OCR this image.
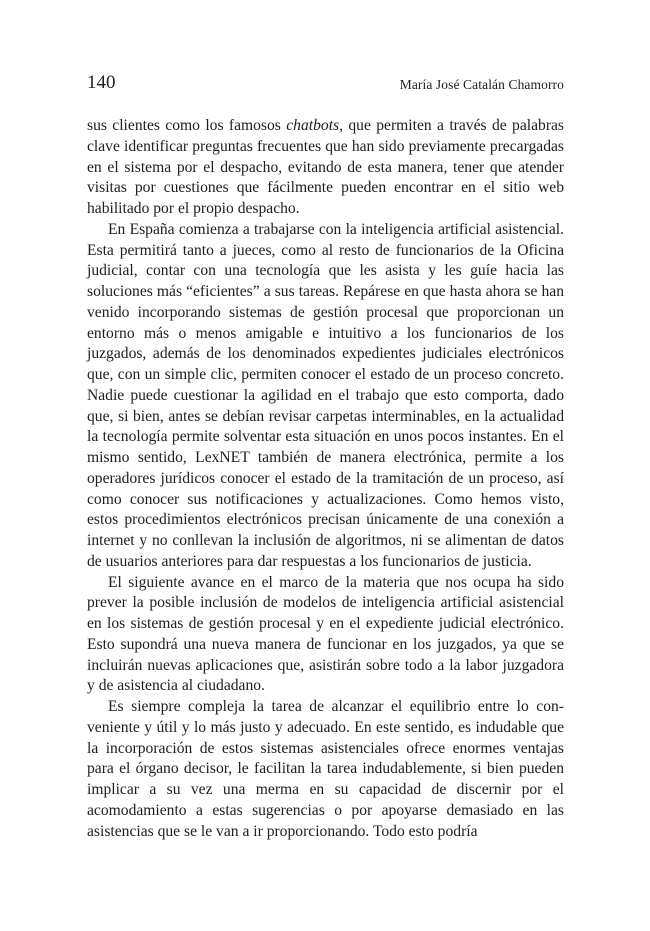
140	María José Catalán Chamorro

sus clientes como los famosos chatbots, que permiten a través de palabras clave identificar preguntas frecuentes que han sido previamente precargadas en el sistema por el despacho, evitando de esta manera, tener que atender visitas por cuestiones que fácilmente pueden encontrar en el sitio web habilitado por el propio despacho.

En España comienza a trabajarse con la inteligencia artificial asistencial. Esta permitirá tanto a jueces, como al resto de funcionarios de la Oficina judicial, contar con una tecnología que les asista y les guíe hacia las soluciones más “eficientes” a sus tareas. Repárese en que hasta ahora se han venido incorporando sistemas de gestión procesal que proporcionan un entorno más o menos amigable e intuitivo a los funcionarios de los juzgados, además de los denominados expedientes judiciales electrónicos que, con un simple clic, permiten conocer el estado de un proceso concreto. Nadie puede cuestionar la agilidad en el trabajo que esto comporta, dado que, si bien, antes se debían revisar carpetas interminables, en la actualidad la tecnología permite solventar esta situación en unos pocos instantes. En el mismo sentido, LexNET también de manera electrónica, permite a los operadores jurídicos conocer el estado de la tramitación de un proceso, así como conocer sus notificaciones y actualizaciones. Como hemos visto, estos procedimientos electrónicos precisan únicamente de una conexión a internet y no conllevan la inclusión de algoritmos, ni se alimentan de datos de usuarios anteriores para dar respuestas a los funcionarios de justicia.

El siguiente avance en el marco de la materia que nos ocupa ha sido prever la posible inclusión de modelos de inteligencia artificial asistencial en los sistemas de gestión procesal y en el expediente judicial electrónico. Esto supondrá una nueva manera de funcionar en los juzgados, ya que se incluirán nuevas aplicaciones que, asistirán sobre todo a la labor juzgadora y de asistencia al ciudadano.

Es siempre compleja la tarea de alcanzar el equilibrio entre lo conveniente y útil y lo más justo y adecuado. En este sentido, es indudable que la incorporación de estos sistemas asistenciales ofrece enormes ventajas para el órgano decisor, le facilitan la tarea indudablemente, si bien pueden implicar a su vez una merma en su capacidad de discernir por el acomodamiento a estas sugerencias o por apoyarse demasiado en las asistencias que se le van a ir proporcionando. Todo esto podría
